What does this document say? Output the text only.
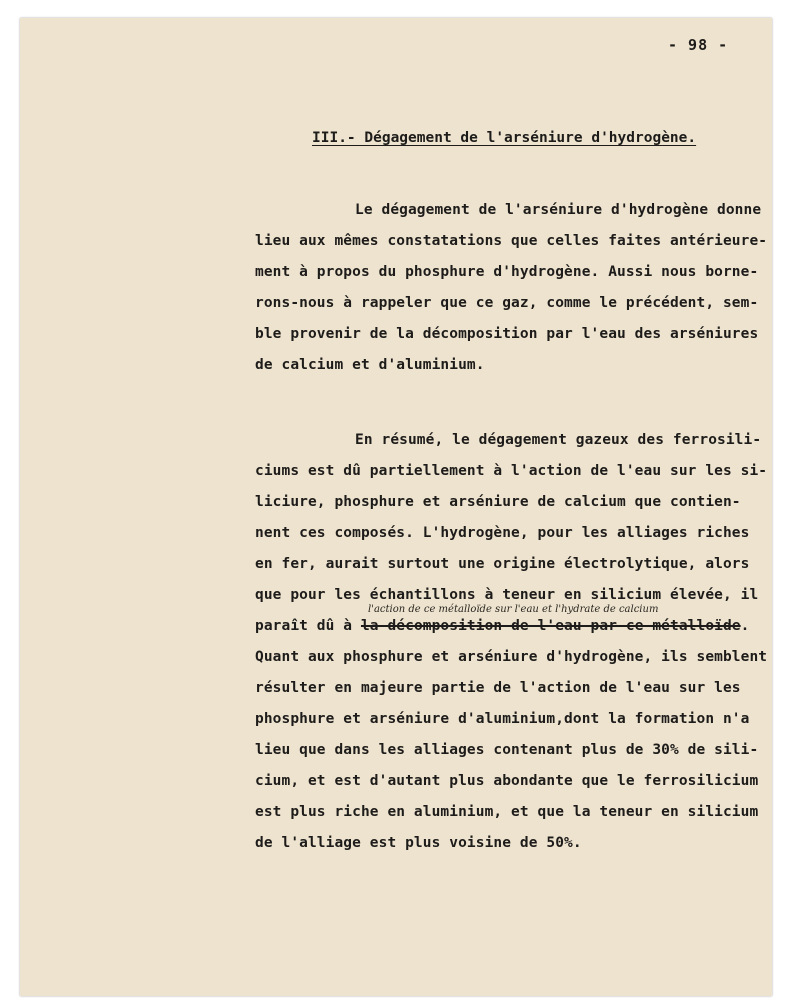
- 98 -
III.- Dégagement de l'arséniure d'hydrogène.
Le dégagement de l'arséniure d'hydrogène donne
lieu aux mêmes constatations que celles faites antérieure-
ment à propos du phosphure d'hydrogène. Aussi nous borne-
rons-nous à rappeler que ce gaz, comme le précédent, sem-
ble provenir de la décomposition par l'eau des arséniures
de calcium et d'aluminium.
En résumé, le dégagement gazeux des ferrosili-
ciums est dû partiellement à l'action de l'eau sur les si-
liciure, phosphure et arséniure de calcium que contien-
nent ces composés. L'hydrogène, pour les alliages riches
en fer, aurait surtout une origine électrolytique, alors
que pour les échantillons à teneur en silicium élevée, il
l'action de ce métalloïde sur l'eau et l'hydrate de calcium
paraît dû à la décomposition de l'eau par ce métalloïde.
Quant aux phosphure et arséniure d'hydrogène, ils semblent
résulter en majeure partie de l'action de l'eau sur les
phosphure et arséniure d'aluminium,dont la formation n'a
lieu que dans les alliages contenant plus de 30% de sili-
cium, et est d'autant plus abondante que le ferrosilicium
est plus riche en aluminium, et que la teneur en silicium
de l'alliage est plus voisine de 50%.
